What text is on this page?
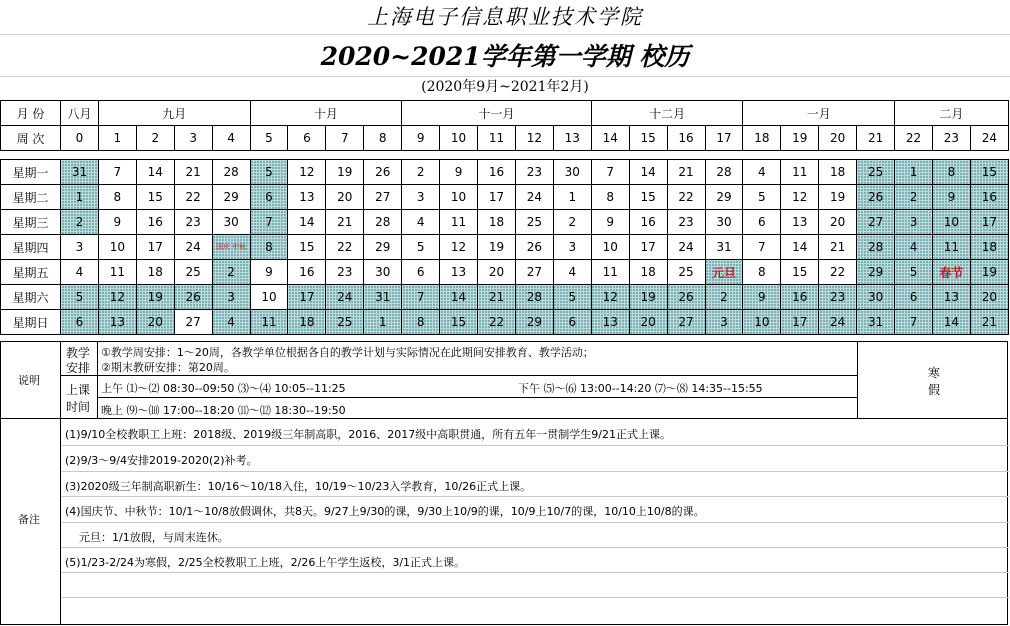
上海电子信息职业技术学院
2020~2021学年第一学期 校历
(2020年9月~2021年2月)
月 份	八月	九月				十月				十一月					十二月				一月				二月		
周 次	0	1	2	3	4	5	6	7	8	9	10	11	12	13	14	15	16	17	18	19	20	21	22	23	24

星期一	31	7	14	21	28	5	12	19	26	2	9	16	23	30	7	14	21	28	4	11	18	25	1	8	15
星期二	1	8	15	22	29	6	13	20	27	3	10	17	24	1	8	15	22	29	5	12	19	26	2	9	16
星期三	2	9	16	23	30	7	14	21	28	4	11	18	25	2	9	16	23	30	6	13	20	27	3	10	17
星期四	3	10	17	24	国庆 中秋	8	15	22	29	5	12	19	26	3	10	17	24	31	7	14	21	28	4	11	18
星期五	4	11	18	25	2	9	16	23	30	6	13	20	27	4	11	18	25	元旦	8	15	22	29	5	春节	19
星期六	5	12	19	26	3	10	17	24	31	7	14	21	28	5	12	19	26	2	9	16	23	30	6	13	20
星期日	6	13	20	27	4	11	18	25	1	8	15	22	29	6	13	20	27	3	10	17	24	31	7	14	21
说明
教学
安排
①教学周安排：1～20周，各教学单位根据各自的教学计划与实际情况在此期间安排教育、教学活动；
②期末教研安排：第20周。
上课
时间
上午 ⑴～⑵ 08:30--09:50 ⑶～⑷ 10:05--11:25	下午 ⑸～⑹ 13:00--14:20 ⑺～⑻ 14:35--15:55
晚上 ⑼～⑽ 17:00--18:20 ⑾～⑿ 18:30--19:50
寒
假
备注
(1)9/10全校教职工上班：2018级、2019级三年制高职，2016、2017级中高职贯通，所有五年一贯制学生9/21正式上课。
(2)9/3～9/4安排2019-2020(2)补考。
(3)2020级三年制高职新生：10/16～10/18入住，10/19～10/23入学教育，10/26正式上课。
(4)国庆节、中秋节：10/1～10/8放假调休，共8天。9/27上9/30的课，9/30上10/9的课，10/9上10/7的课，10/10上10/8的课。
元旦：1/1放假，与周末连休。
(5)1/23-2/24为寒假，2/25全校教职工上班，2/26上午学生返校，3/1正式上课。
